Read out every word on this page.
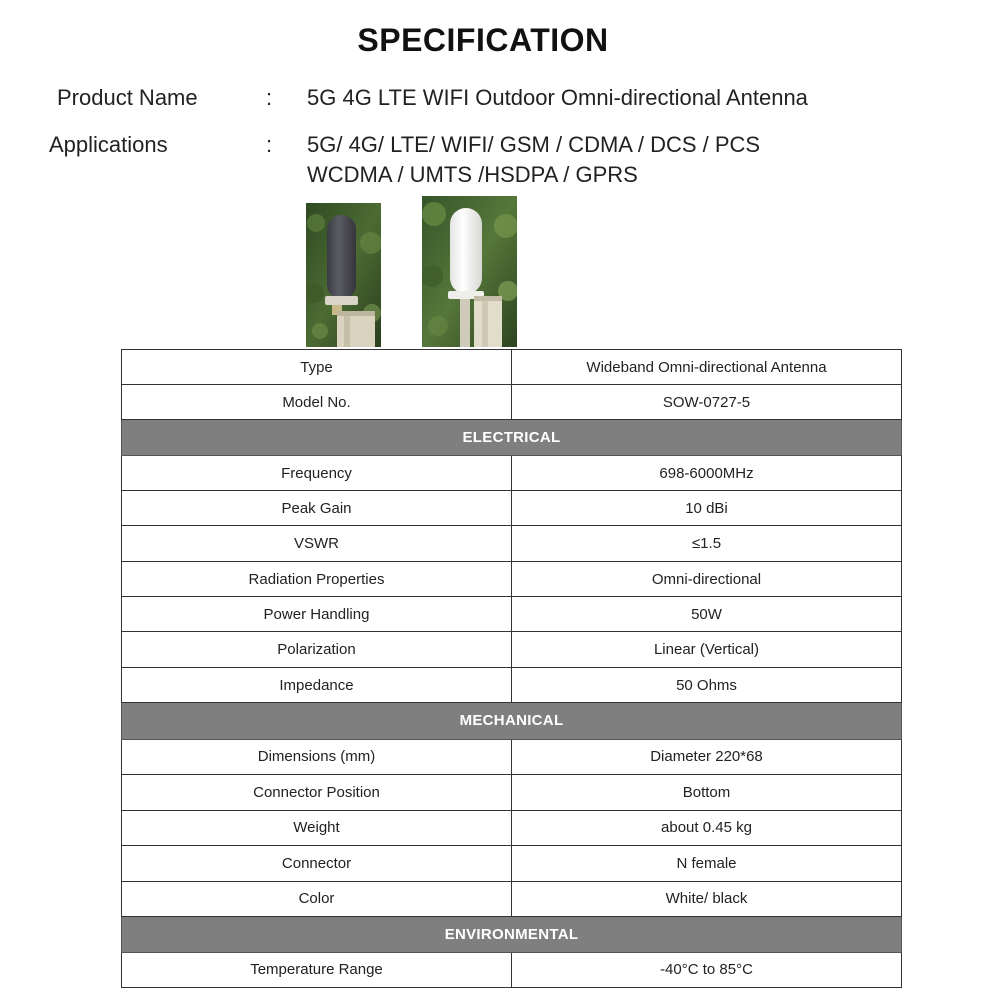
SPECIFICATION
Product Name	: 5G 4G LTE WIFI Outdoor Omni-directional Antenna
Applications	: 5G/ 4G/ LTE/ WIFI/ GSM / CDMA / DCS / PCS
WCDMA / UMTS /HSDPA / GPRS
Type	Wideband Omni-directional Antenna
Model No.	SOW-0727-5
ELECTRICAL	
Frequency	698-6000MHz
Peak Gain	10 dBi
VSWR	≤1.5
Radiation Properties	Omni-directional
Power Handling	50W
Polarization	Linear (Vertical)
Impedance	50 Ohms
MECHANICAL	
Dimensions (mm)	Diameter 220*68
Connector Position	Bottom
Weight	about 0.45 kg
Connector	N female
Color	White/ black
ENVIRONMENTAL	
Temperature Range	-40°C to 85°C
